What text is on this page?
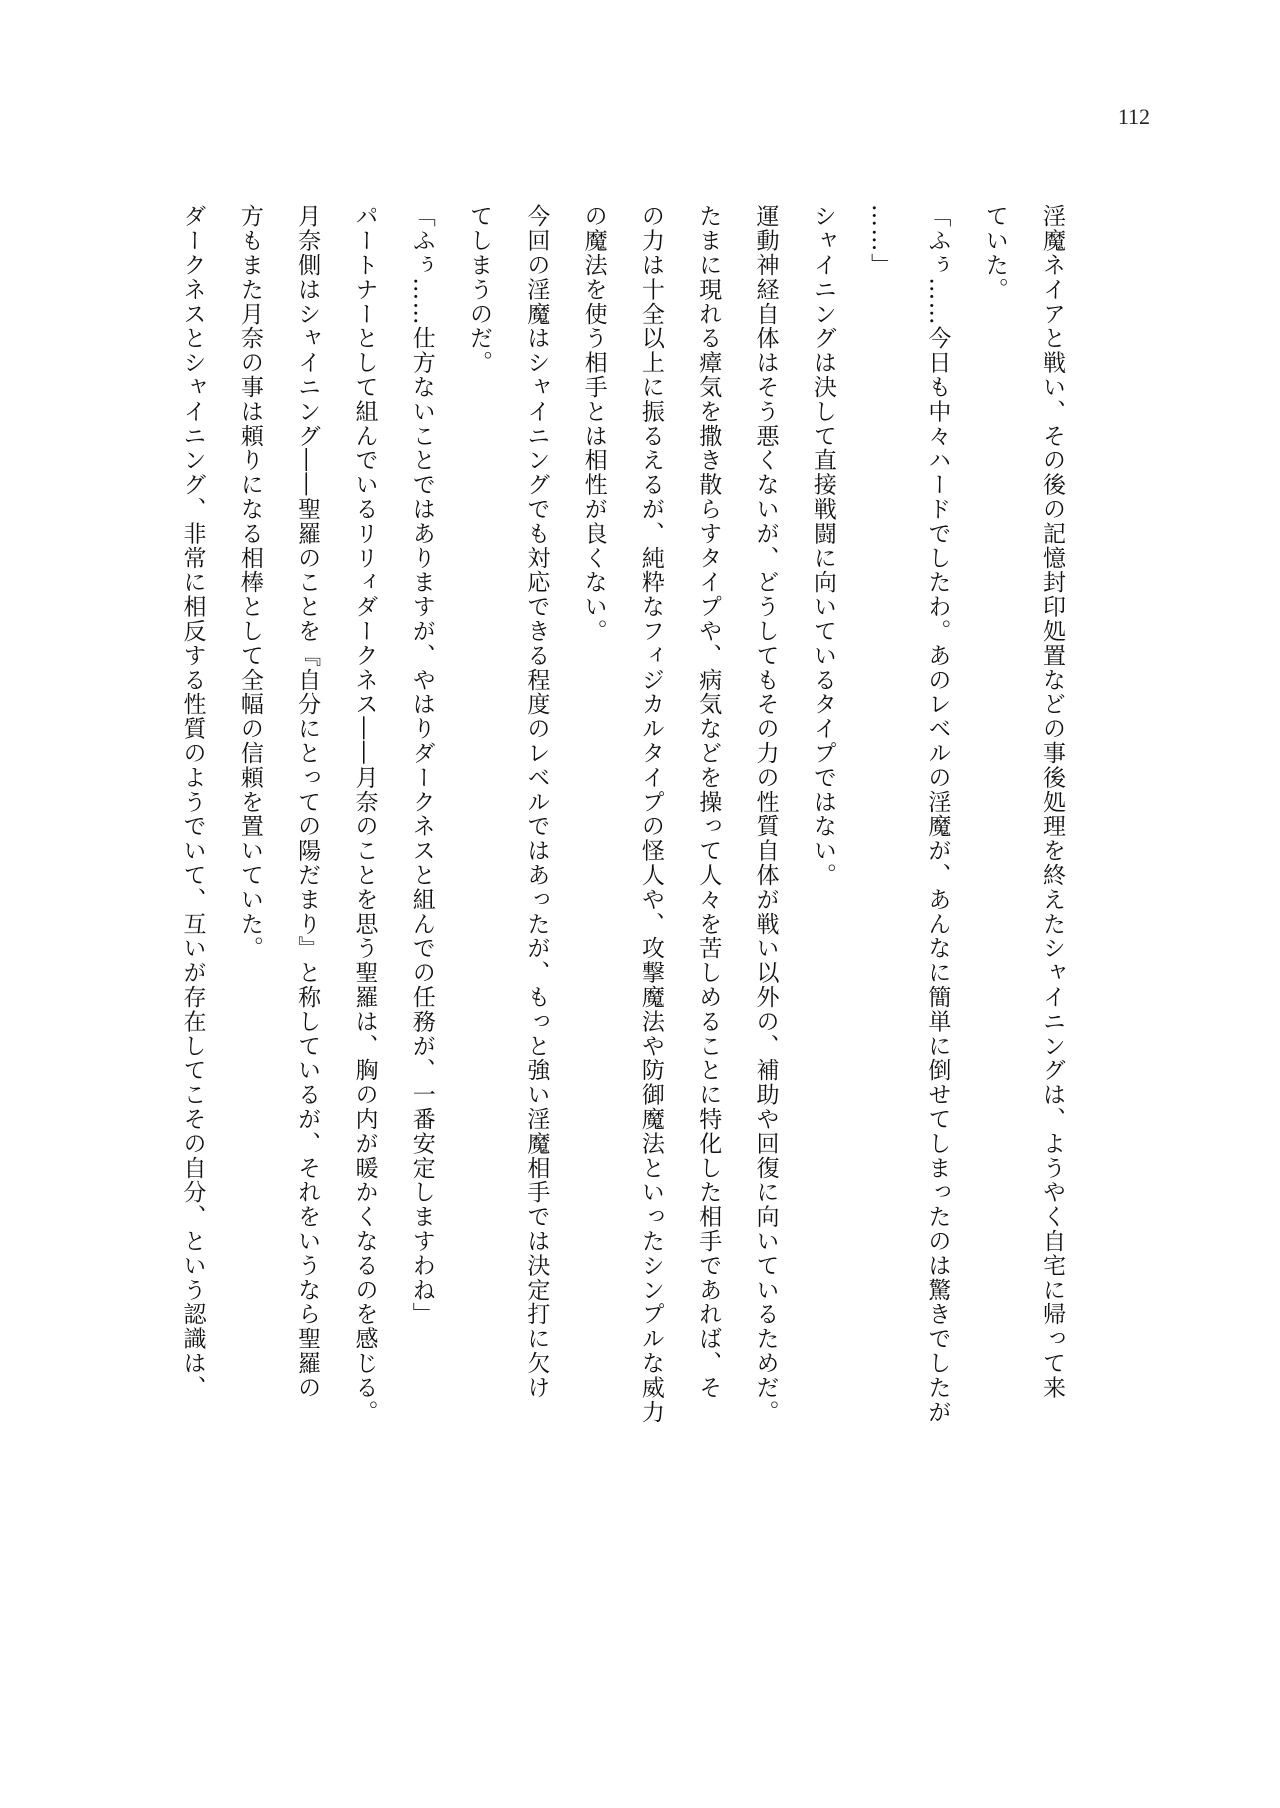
112
淫魔ネイアと戦い、その後の記憶封印処置などの事後処理を終えたシャイニングは、ようやく自宅に帰って来
ていた。
「ふぅ……今日も中々ハードでしたわ。あのレベルの淫魔が、あんなに簡単に倒せてしまったのは驚きでしたが
……」
シャイニングは決して直接戦闘に向いているタイプではない。
運動神経自体はそう悪くないが、どうしてもその力の性質自体が戦い以外の、補助や回復に向いているためだ。
たまに現れる瘴気を撒き散らすタイプや、病気などを操って人々を苦しめることに特化した相手であれば、そ
の力は十全以上に振るえるが、純粋なフィジカルタイプの怪人や、攻撃魔法や防御魔法といったシンプルな威力
の魔法を使う相手とは相性が良くない。
今回の淫魔はシャイニングでも対応できる程度のレベルではあったが、もっと強い淫魔相手では決定打に欠け
てしまうのだ。
「ふぅ……仕方ないことではありますが、やはりダークネスと組んでの任務が、一番安定しますわね」
パートナーとして組んでいるリリィダークネス――月奈のことを思う聖羅は、胸の内が暖かくなるのを感じる。
月奈側はシャイニング――聖羅のことを『自分にとっての陽だまり』と称しているが、それをいうなら聖羅の
方もまた月奈の事は頼りになる相棒として全幅の信頼を置いていた。
ダークネスとシャイニング、非常に相反する性質のようでいて、互いが存在してこその自分、という認識は、
